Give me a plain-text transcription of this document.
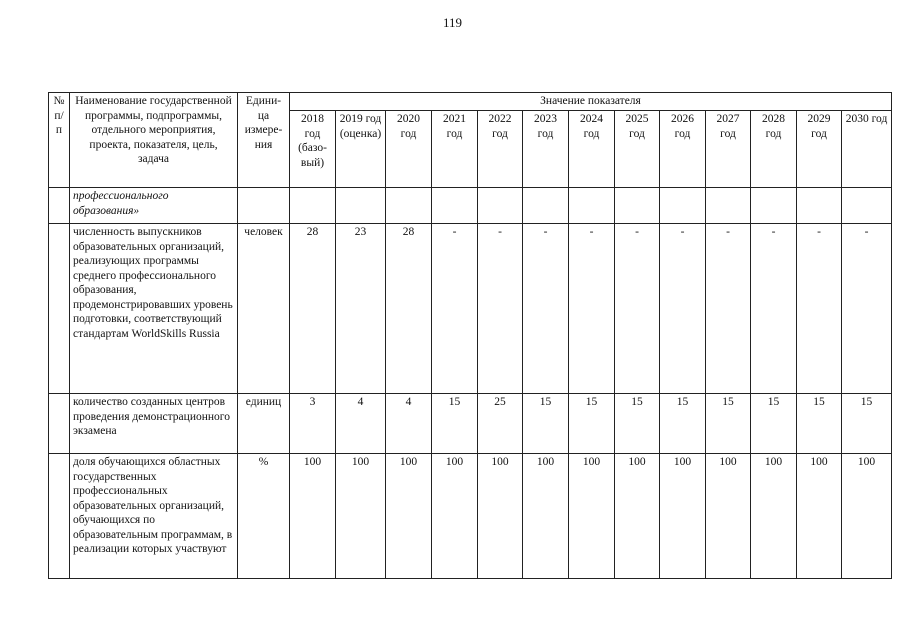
119
№ п/п	Наименование государственной программы, подпрограммы, отдельного мероприятия, проекта, показателя, цель, задача	Едини-ца измере-ния	Значение показателя												
			2018 год (базо-вый)	2019 год (оценка)	2020 год	2021 год	2022 год	2023 год	2024 год	2025 год	2026 год	2027 год	2028 год	2029 год	2030 год
	профессионального образования»														
	численность выпускников образовательных организаций, реализующих программы среднего профессионального образования, продемонстрировавших уровень подготовки, соответствующий стандартам WorldSkills Russia	человек	28	23	28	-	-	-	-	-	-	-	-	-	-
	количество созданных центров проведения демонстрационного экзамена	единиц	3	4	4	15	25	15	15	15	15	15	15	15	15
	доля обучающихся областных государственных профессиональных образовательных организаций, обучающихся по образовательным программам, в реализации которых участвуют	%	100	100	100	100	100	100	100	100	100	100	100	100	100
